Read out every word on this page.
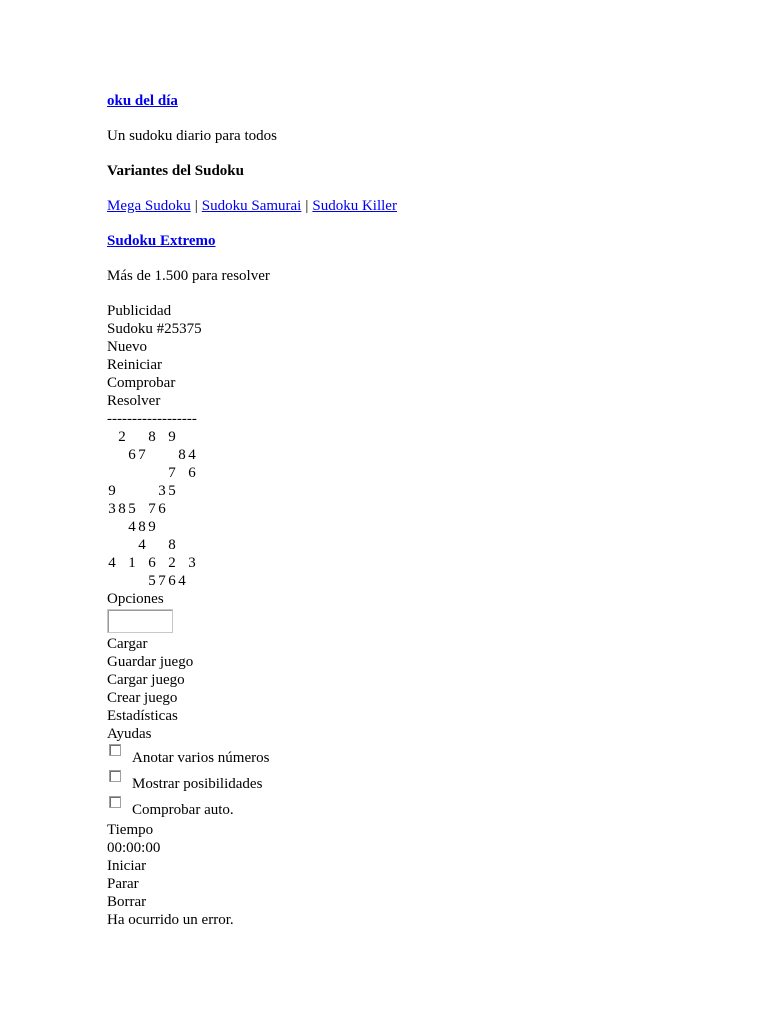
oku del día
Un sudoku diario para todos
Variantes del Sudoku
Mega Sudoku | Sudoku Samurai | Sudoku Killer
Sudoku Extremo
Más de 1.500 para resolver
Publicidad
Sudoku #25375
Nuevo
Reiniciar
Comprobar
Resolver
------------------
2 8 9
6 7 8 4
7 6
9	3 5
3 8 5 7 6
4 8 9
4 8
4 1 6 2 3
5 7 6 4
Opciones
Cargar
Guardar juego
Cargar juego
Crear juego
Estadísticas
Ayudas
Anotar varios números
Mostrar posibilidades
Comprobar auto.
Tiempo
00:00:00
Iniciar
Parar
Borrar
Ha ocurrido un error.
